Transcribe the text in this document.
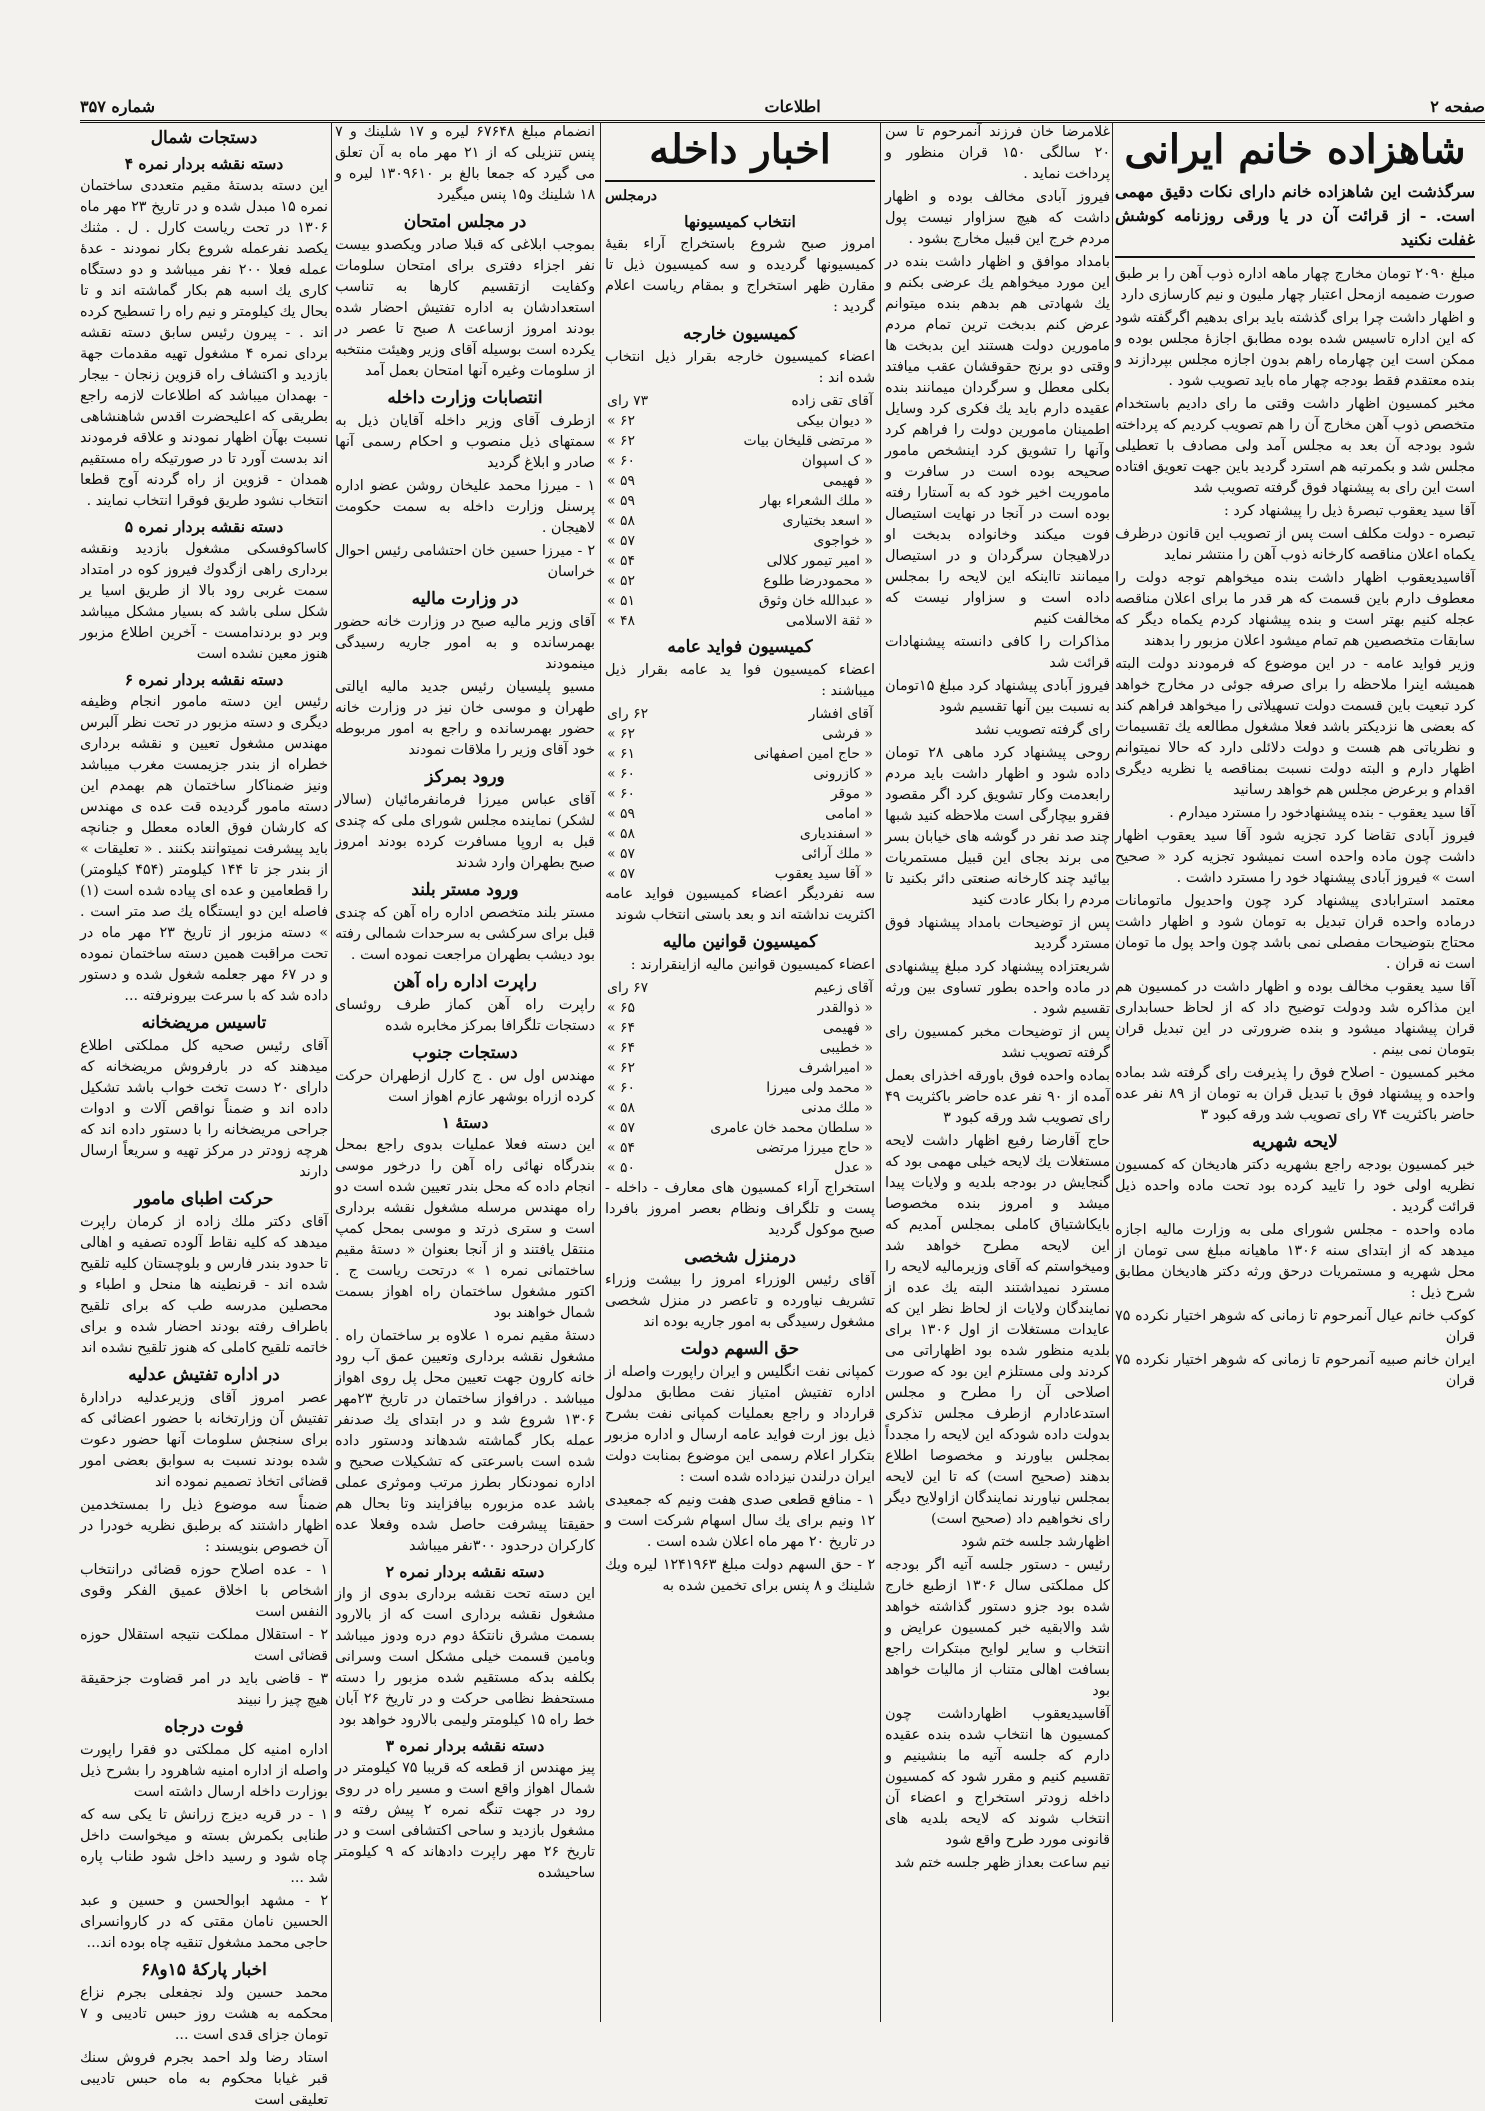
صفحه ۲
اطلاعات
شماره ۳۵۷
شاهزاده خانم ایرانی
سرگذشت این شاهزاده خانم دارای نکات دقیق مهمی است. - از قرائت آن در یا ورقی روزنامه کوشش غفلت نکنید

مبلغ ۲۰۹۰ تومان مخارج چهار ماهه اداره ذوب آهن را بر طبق صورت ضمیمه ازمحل اعتبار چهار ملیون و نیم کارسازی دارد

و اظهار داشت چرا برای گذشته باید برای بدهیم اگرگفته شود که این اداره تاسیس شده بوده مطابق اجازهٔ مجلس بوده و ممکن است این چهارماه راهم بدون اجازه مجلس بپردازند و بنده معتقدم فقط بودجه چهار ماه باید تصویب شود .

مخبر کمسیون اظهار داشت وقتی ما رای دادیم باستخدام متخصص ذوب آهن مخارج آن را هم تصویب کردیم که پرداخته شود بودجه آن بعد به مجلس آمد ولی مصادف با تعطیلی مجلس شد و بکمرتبه هم استرد گردید باین جهت تعویق افتاده است این رای به پیشنهاد فوق گرفته تصویب شد

آقا سید یعقوب تبصرهٔ ذیل را پیشنهاد کرد :

تبصره - دولت مکلف است پس از تصویب این قانون درظرف یکماه اعلان مناقصه کارخانه ذوب آهن را منتشر نماید

آقاسیدیعقوب اظهار داشت بنده میخواهم توجه دولت را معطوف دارم باین قسمت که هر قدر ما برای اعلان مناقصه عجله کنیم بهتر است و بنده پیشنهاد کردم یکماه دیگر که سابقات متخصصین هم تمام میشود اعلان مزبور را بدهند

وزیر فواید عامه - در این موضوع که فرمودند دولت البته همیشه اینرا ملاحظه را برای صرفه جوئی در مخارج خواهد کرد تبعیت باین قسمت دولت تسهیلاتی را میخواهد فراهم کند که بعضی ها نزدیکتر باشد فعلا مشغول مطالعه یك تقسیمات و نظریاتی هم هست و دولت دلائلی دارد که حالا نمیتوانم اظهار دارم و البته دولت نسبت بمناقصه یا نظریه دیگری اقدام و برعرض مجلس هم خواهد رسانید

آقا سید یعقوب - بنده پیشنهادخود را مسترد میدارم .

فیروز آبادی تقاضا کرد تجزیه شود آقا سید یعقوب اظهار داشت چون ماده واحده است نمیشود تجزیه کرد « صحیح است » فیروز آبادی پیشنهاد خود را مسترد داشت .

معتمد استرابادی پیشنهاد کرد چون واحدیول ماتومانات درماده واحده قران تبدیل به تومان شود و اظهار داشت محتاج بتوضیحات مفصلی نمی باشد چون واحد پول ما تومان است نه قران .

آقا سید یعقوب مخالف بوده و اظهار داشت در کمسیون هم این مذاکره شد ودولت توضیح داد که از لحاظ حسابداری قران پیشنهاد میشود و بنده ضرورتی در این تبدیل قران بتومان نمی بینم .

مخبر کمسیون - اصلاح فوق را پذیرفت رای گرفته شد بماده واحده و پیشنهاد فوق با تبدیل قران به تومان از ۸۹ نفر عده حاضر باکثریت ۷۴ رای تصویب شد ورقه کبود ۳

لایحه شهریه

خبر کمسیون بودجه راجع بشهریه دکتر هادیخان که کمسیون نظریه اولی خود را تایید کرده بود تحت ماده واحده ذیل قرائت گردید .

ماده واحده - مجلس شورای ملی به وزارت مالیه اجازه میدهد که از ابتدای سنه ۱۳۰۶ ماهیانه مبلغ سی تومان از محل شهریه و مستمریات درحق ورثه دکتر هادیخان مطابق شرح ذیل :

کوکب خانم عیال آنمرحوم تا زمانی که شوهر اختیار نکرده ۷۵ قران

ایران خانم صبیه آنمرحوم تا زمانی که شوهر اختیار نکرده ۷۵ قران

غلامرضا خان فرزند آنمرحوم تا سن ۲۰ سالگی ۱۵۰ قران منظور و پرداخت نماید .

فیروز آبادی مخالف بوده و اظهار داشت که هیچ سزاوار نیست پول مردم خرج این قبیل مخارج بشود .

بامداد موافق و اظهار داشت بنده در این مورد میخواهم یك عرضی بکنم و یك شهادتی هم بدهم بنده میتوانم عرض کنم بدبخت ترین تمام مردم مامورین دولت هستند این بدبخت ها وقتی دو برنج حقوقشان عقب میافتد بکلی معطل و سرگردان میمانند بنده عقیده دارم باید یك فکری کرد وسایل اطمینان مامورین دولت را فراهم کرد وآنها را تشویق کرد اینشخص مامور صحیحه بوده است در سافرت و ماموریت اخیر خود که به آستارا رفته بوده است در آنجا در نهایت استیصال فوت میکند وخانواده بدبخت او درلاهیجان سرگردان و در استیصال میمانند تااینکه این لایحه را بمجلس داده است و سزاوار نیست که مخالفت کنیم

مذاکرات را کافی دانسته پیشنهادات قرائت شد

فیروز آبادی پیشنهاد کرد مبلغ ۱۵تومان به نسبت بین آنها تقسیم شود

رای گرفته تصویب نشد

روحی پیشنهاد کرد ماهی ۲۸ تومان داده شود و اظهار داشت باید مردم رابعدمت وکار تشویق کرد اگر مقصود فقرو بیچارگی است ملاحظه کنید شبها چند صد نفر در گوشه های خیابان بسر می برند بجای این قبیل مستمریات بیائید چند کارخانه صنعتی دائر بکنید تا مردم را بکار عادت کنید

پس از توضیحات بامداد پیشنهاد فوق مسترد گردید

شریعتزاده پیشنهاد کرد مبلغ پیشنهادی در ماده واحده بطور تساوی بین ورثه تقسیم شود .

پس از توضیحات مخبر کمسیون رای گرفته تصویب نشد

بماده واحده فوق باورقه اخذرای بعمل آمده از ۹۰ نفر عده حاضر باکثریت ۴۹ رای تصویب شد ورقه کبود ۳

حاج آقارضا رفیع اظهار داشت لایحه مستغلات یك لایحه خیلی مهمی بود که گنجایش در بودجه بلدیه و ولایات پیدا میشد و امروز بنده مخصوصا بایکاشتیاق کاملی بمجلس آمدیم که این لایحه مطرح خواهد شد ومیخواستم که آقای وزیرمالیه لایحه را مسترد نمیداشتند البته یك عده از نمایندگان ولایات از لحاظ نظر این که عایدات مستغلات از اول ۱۳۰۶ برای بلدیه منظور شده بود اظهاراتی می کردند ولی مستلزم این بود که صورت اصلاحی آن را مطرح و مجلس استدعادارم ازطرف مجلس تذکری بدولت داده شودکه این لایحه را مجدداً بمجلس بیاورند و مخصوصا اطلاع بدهند (صحیح است) که تا این لایحه بمجلس نیاورند نمایندگان ازاولایح دیگر رای نخواهیم داد (صحیح است)

اظهارشد جلسه ختم شود

رئیس - دستور جلسه آتیه اگر بودجه کل مملکتی سال ۱۳۰۶ ازطبع خارج شده بود جزو دستور گذاشته خواهد شد والابقیه خبر کمسیون عرایض و انتخاب و سایر لوایح مبتکرات راجع بسافت اهالی متناب از مالیات خواهد بود

آقاسیدیعقوب اظهارداشت چون کمسیون ها انتخاب شده بنده عقیده دارم که جلسه آتیه ما بنشینیم و تقسیم کنیم و مقرر شود که کمسیون داخله زودتر استخراج و اعضاء آن انتخاب شوند که لایحه بلدیه های قانونی مورد طرح واقع شود

نیم ساعت بعداز ظهر جلسه ختم شد

اخبار داخله
درمجلس
انتخاب کمیسیونها

امروز صبح شروع باستخراج آراء بقیهٔ کمیسیونها گردیده و سه کمیسیون ذیل تا مقارن ظهر استخراج و بمقام ریاست اعلام گردید :

کمیسیون خارجه

اعضاء کمیسیون خارجه بقرار ذیل انتخاب شده اند :

آقای تقی زاده	۷۳ رای
« دیوان بیکی	۶۲ »
« مرتضی قلیخان بیات	۶۲ »
« ک اسپوان	۶۰ »
« فهیمی	۵۹ »
« ملك الشعراء بهار	۵۹ »
« اسعد بختیاری	۵۸ »
« خواجوی	۵۷ »
« امیر تیمور کلالی	۵۴ »
« محمودرضا طلوع	۵۲ »
« عبدالله خان وثوق	۵۱ »
« ثقة الاسلامی	۴۸ »
کمیسیون فواید عامه

اعضاء کمیسیون فوا ید عامه بقرار ذیل میباشند :

آقای افشار	۶۲ رای
« فرشی	۶۲ »
« حاج امین اصفهانی	۶۱ »
« کازرونی	۶۰ »
« موقر	۶۰ »
« امامی	۵۹ »
« اسفندیاری	۵۸ »
« ملك آرائی	۵۷ »
« آقا سید یعقوب	۵۷ »

سه نفردیگر اعضاء کمیسیون فواید عامه اکثریت نداشته اند و بعد باستی انتخاب شوند

کمیسیون قوانین مالیه

اعضاء کمیسیون قوانین مالیه ازاینقرارند :

آقای زعیم	۶۷ رای
« ذوالقدر	۶۵ »
« فهیمی	۶۴ »
« خطیبی	۶۴ »
« امیراشرف	۶۲ »
« محمد ولی میرزا	۶۰ »
« ملك مدنی	۵۸ »
« سلطان محمد خان عامری	۵۷ »
« حاج میرزا مرتضی	۵۴ »
« عدل	۵۰ »

استخراج آراء کمسیون های معارف - داخله - پست و تلگراف ونظام بعصر امروز بافردا صبح موکول گردید

درمنزل شخصی

آقای رئیس الوزراء امروز را بیشت وزراء تشریف نیاورده و تاعصر در منزل شخصی مشغول رسیدگی به امور جاریه بوده اند

حق السهم دولت

کمپانی نفت انگلیس و ایران راپورت واصله از اداره تفتیش امتیاز نفت مطابق مدلول قرارداد و راجع بعملیات کمپانی نفت بشرح ذیل بوز ارت فواید عامه ارسال و اداره مزبور بتکرار اعلام رسمی این موضوع بمنابت دولت ایران درلندن نیزداده شده است :

۱ - منافع قطعی صدی هفت ونیم که جمعیدی ۱۲ ونیم برای یك سال اسهام شرکت است و در تاریخ ۲۰ مهر ماه اعلان شده است .

۲ - حق السهم دولت مبلغ ۱۲۴۱۹۶۳ لیره ویك شلینك و ۸ پنس برای تخمین شده به

انضمام مبلغ ۶۷۶۴۸ لیره و ۱۷ شلینك و ۷ پنس تنزیلی که از ۲۱ مهر ماه به آن تعلق می گیرد که جمعا بالغ بر ۱۳۰۹۶۱۰ لیره و ۱۸ شلینك و۱۵ پنس میگیرد

در مجلس امتحان

بموجب ابلاغی که قبلا صادر ویکصدو بیست نفر اجزاء دفتری برای امتحان سلومات وکفایت ازتقسیم کارها به تناسب استعدادشان به اداره تفتیش احضار شده بودند امروز ازساعت ۸ صبح تا عصر در یکرده است بوسیله آقای وزیر وهیئت منتخبه از سلومات وغیره آنها امتحان بعمل آمد

انتصابات وزارت داخله

ازطرف آقای وزیر داخله آقایان ذیل به سمتهای ذیل منصوب و احکام رسمی آنها صادر و ابلاغ گردید

۱ - میرزا محمد علیخان روشن عضو اداره پرسنل وزارت داخله به سمت حکومت لاهیجان .

۲ - میرزا حسین خان احتشامی رئیس احوال خراسان

در وزارت مالیه

آقای وزیر مالیه صبح در وزارت خانه حضور بهمرسانده و به امور جاریه رسیدگی مینمودند

مسیو پلیسیان رئیس جدید مالیه ایالتی طهران و موسی خان نیز در وزارت خانه حضور بهمرسانده و راجع به امور مربوطه خود آقای وزیر را ملاقات نمودند

ورود بمرکز

آقای عباس میرزا فرمانفرمائیان (سالار لشکر) نماینده مجلس شورای ملی که چندی قبل به اروپا مسافرت کرده بودند امروز صبح بطهران وارد شدند

ورود مستر بلند

مستر بلند متخصص اداره راه آهن که چندی قبل برای سرکشی به سرحدات شمالی رفته بود دیشب بطهران مراجعت نموده است .

راپرت اداره راه آهن

راپرت راه آهن کماز طرف روئسای دستجات تلگرافا بمرکز مخابره شده

دستجات جنوب

مهندس اول س . ج کارل ازطهران حرکت کرده ازراه بوشهر عازم اهواز است

دستهٔ ۱

این دسته فعلا عملیات بدوی راجع بمحل بندرگاه نهائی راه آهن را درخور موسی انجام داده که محل بندر تعیین شده است دو راه مهندس مرسله مشغول نقشه برداری است و ستری ذرتد و موسی بمحل کمپ منتقل یافتند و از آنجا بعنوان « دستهٔ مقیم ساختمانی نمره ۱ » درتحت ریاست ج . اکتور مشغول ساختمان راه اهواز بسمت شمال خواهند بود

دستهٔ مقیم نمره ۱ علاوه بر ساختمان راه . مشغول نقشه برداری وتعیین عمق آب رود خانه کارون جهت تعیین محل پل روی اهواز میباشد . درافواز ساختمان در تاریخ ۲۳مهر ۱۳۰۶ شروع شد و در ابتدای یك صدنفر عمله بکار گماشته شدهاند ودستور داده شده است باسرعتی که تشکیلات صحیح و اداره نمودنکار بطرز مرتب وموثری عملی باشد عده مزبوره بیافزایند وتا بحال هم حقیقتا پیشرفت حاصل شده وفعلا عده کارکران درحدود ۳۰۰نفر میباشد

دسته نقشه بردار نمره ۲

این دسته تحت نقشه برداری بدوی از واز مشغول نقشه برداری است که از بالارود بسمت مشرق نانتکهٔ دوم دره ودوز میباشد وبامین قسمت خیلی مشکل است وسرانی بكلفه بدکه مستقیم شده مزبور را دسته مستحفظ نظامی حرکت و در تاریخ ۲۶ آبان خط راه ۱۵ کیلومتر ولیمی بالارود خواهد بود

دسته نقشه بردار نمره ۳

پیز مهندس از قطعه که قریبا ۷۵ کیلومتر در شمال اهواز واقع است و مسیر راه در روی رود در جهت تنگه نمره ۲ پیش رفته و مشغول بازدید و ساحی اکتشافی است و در تاریخ ۲۶ مهر راپرت دادهاند که ۹ کیلومتر ساحیشده

دستجات شمال
دسته نقشه بردار نمره ۴

این دسته بدستهٔ مقیم متعددی ساختمان نمره ۱۵ مبدل شده و در تاریخ ۲۳ مهر ماه ۱۳۰۶ در تحت ریاست کارل . ل . مثنك یکصد نفرعمله شروع بکار نمودند - عدهٔ عمله فعلا ۲۰۰ نفر میباشد و دو دستگاه کاری یك اسبه هم بکار گماشته اند و تا بحال یك کیلومتر و نیم راه را تسطیح کرده اند . - پیرون رئیس سابق دسته نقشه بردای نمره ۴ مشغول تهیه مقدمات جهة بازدید و اکتشاف راه قزوین زنجان - بیجار - بهمدان میباشد که اطلاعات لازمه راجع بطریقی که اعلیحضرت اقدس شاهنشاهی نسبت بهآن اظهار نمودند و علاقه فرمودند اند بدست آورد تا در صورتیکه راه مستقیم همدان - قزوین از راه گردنه آوج قطعا انتخاب نشود طریق فوقرا انتخاب نمایند .

دسته نقشه بردار نمره ۵

کاساکوفسکی مشغول بازدید ونقشه برداری راهی ازگدوك فیروز کوه در امتداد سمت غربی رود بالا از طریق اسیا یر شکل سلی باشد که بسیار مشکل میباشد وبر دو بردندامست - آخرین اطلاع مزبور هنوز معین نشده است

دسته نقشه بردار نمره ۶

رئیس این دسته مامور انجام وظیفه دیگری و دسته مزبور در تحت نظر آلبرس مهندس مشغول تعیین و نقشه برداری خطراه از بندر جزیمست مغرب میباشد ونیز ضمناکار ساختمان هم بهمدم این دسته مامور گردیده قت عده ی مهندس که کارشان فوق العاده معطل و جنانچه باید پیشرفت نمیتوانند بکنند . « تعلیقات » از بندر جز تا ۱۴۴ کیلومتر (۴۵۴ کیلومتر) را قطعامین و عده ای پیاده شده است (۱) فاصله این دو ایستگاه یك صد متر است . » دسته مزبور از تاریخ ۲۳ مهر ماه در تحت مراقبت همین دسته ساختمان نموده و در ۶۷ مهر جعلمه شغول شده و دستور داده شد که با سرعت بیرونرفته ...

تاسیس مریضخانه

آقای رئیس صحیه کل مملکتی اطلاع میدهند که در بارفروش مریضخانه که دارای ۲۰ دست تخت خواب باشد تشکیل داده اند و ضمناً نواقص آلات و ادوات جراحی مریضخانه را با دستور داده اند که هرچه زودتر در مرکز تهیه و سریعاً ارسال دارند

حرکت اطبای مامور

آقای دکتر ملك زاده از کرمان راپرت میدهد که کلیه نقاط آلوده تصفیه و اهالی تا حدود بندر فارس و بلوچستان کلیه تلقیح شده اند - قرنطینه ها منحل و اطباء و محصلین مدرسه طب که برای تلقیح باطراف رفته بودند احضار شده و برای خاتمه تلقیح کاملی که هنوز تلقیح نشده اند

در اداره تفتیش عدلیه

عصر امروز آقای وزیرعدلیه درادارهٔ تفتیش آن وزارتخانه با حضور اعضائی که برای سنجش سلومات آنها حضور دعوت شده بودند نسبت به سوابق بعضی امور قضائی اتخاذ تصمیم نموده اند

ضمناً سه موضوع ذیل را بمستخدمین اظهار داشتند که برطبق نظریه خودرا در آن خصوص بنویسند :

۱ - عده اصلاح حوزه قضائی درانتخاب اشخاص با اخلاق عمیق الفکر وقوی النفس است

۲ - استقلال مملکت نتیجه استقلال حوزه قضائی است

۳ - قاضی باید در امر قضاوت جزحقیقة هیچ چیز را نبیند

فوت درجاه

اداره امنیه کل مملکتی دو فقرا راپورت واصله از اداره امنیه شاهرود را بشرح ذیل بوزارت داخله ارسال داشته است

۱ - در قریه دیزج زرانش تا یکی سه که طنابی بکمرش بسته و میخواست داخل چاه شود و رسید داخل شود طناب پاره شد ...

۲ - مشهد ابوالحسن و حسین و عبد الحسین نامان مقتی که در کاروانسرای حاجی محمد مشغول تنقیه چاه بوده اند...

اخبار پارکهٔ ۱۵و۶۸

محمد حسین ولد نجفعلی بجرم نزاع محکمه به هشت روز حبس تادیبی و ۷ تومان جزای قدی است ...

استاد رضا ولد احمد بجرم فروش سنك قبر غیابا محکوم به ماه حبس تادیبی تعلیقی است
